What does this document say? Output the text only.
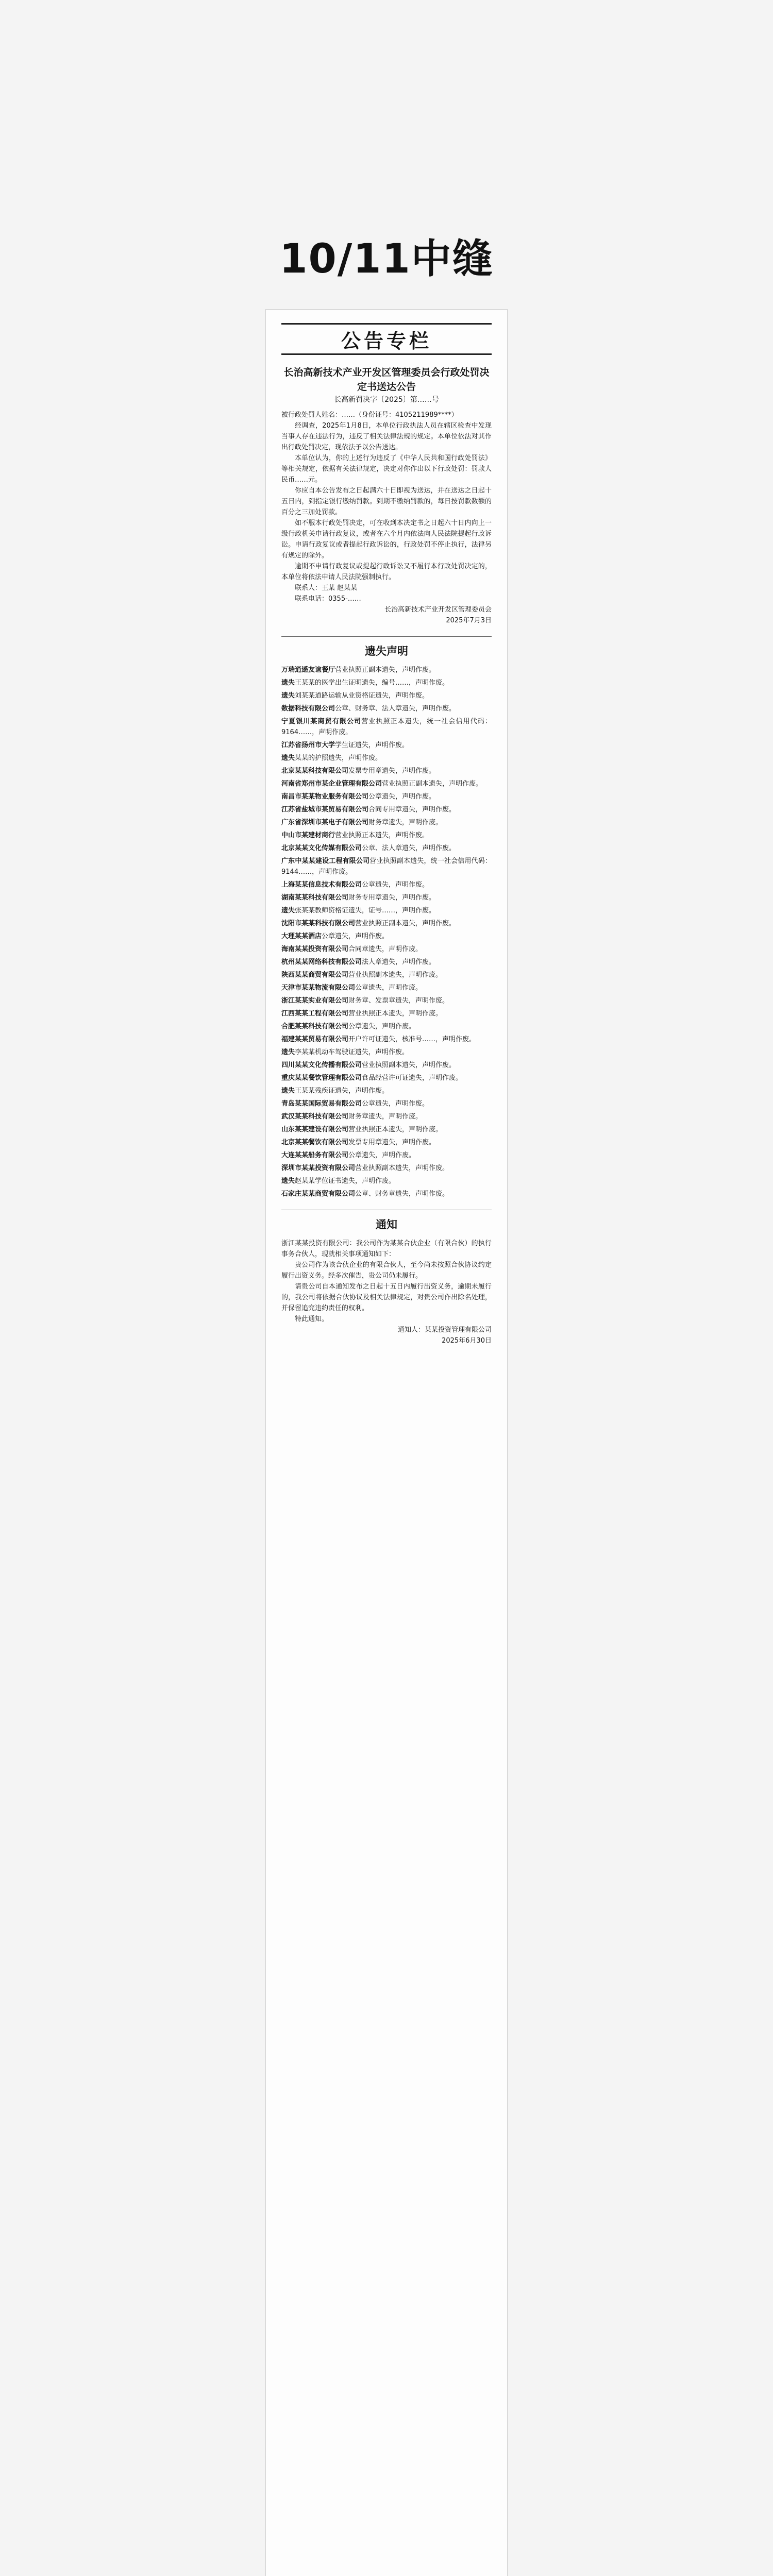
10/11中缝
公告专栏
长治高新技术产业开发区管理委员会行政处罚决定书送达公告
长高新罚决字〔2025〕第……号

被行政处罚人姓名：……（身份证号：4105211989****）

经调查，2025年1月8日，本单位行政执法人员在辖区检查中发现当事人存在违法行为，违反了相关法律法规的规定。本单位依法对其作出行政处罚决定，现依法予以公告送达。

本单位认为，你的上述行为违反了《中华人民共和国行政处罚法》等相关规定，依据有关法律规定，决定对你作出以下行政处罚：罚款人民币……元。

你应自本公告发布之日起满六十日即视为送达，并在送达之日起十五日内，到指定银行缴纳罚款。到期不缴纳罚款的，每日按罚款数额的百分之三加处罚款。

如不服本行政处罚决定，可在收到本决定书之日起六十日内向上一级行政机关申请行政复议，或者在六个月内依法向人民法院提起行政诉讼。申请行政复议或者提起行政诉讼的，行政处罚不停止执行，法律另有规定的除外。

逾期不申请行政复议或提起行政诉讼又不履行本行政处罚决定的，本单位将依法申请人民法院强制执行。

联系人：王某 赵某某

联系电话：0355-……

长治高新技术产业开发区管理委员会

2025年7月3日

遗失声明

万瑞逍遥友谊餐厅营业执照正副本遗失，声明作废。

遗失王某某的医学出生证明遗失，编号……，声明作废。

遗失刘某某道路运输从业资格证遗失，声明作废。

数据科技有限公司公章、财务章、法人章遗失，声明作废。

宁夏银川某商贸有限公司营业执照正本遗失，统一社会信用代码：9164……，声明作废。

江苏省扬州市大学学生证遗失，声明作废。

遗失某某的护照遗失，声明作废。

北京某某科技有限公司发票专用章遗失，声明作废。

河南省郑州市某企业管理有限公司营业执照正副本遗失，声明作废。

南昌市某某物业服务有限公司公章遗失，声明作废。

江苏省盐城市某贸易有限公司合同专用章遗失，声明作废。

广东省深圳市某电子有限公司财务章遗失，声明作废。

中山市某建材商行营业执照正本遗失，声明作废。

北京某某文化传媒有限公司公章、法人章遗失，声明作废。

广东中某某建设工程有限公司营业执照副本遗失，统一社会信用代码：9144……，声明作废。

上海某某信息技术有限公司公章遗失，声明作废。

湖南某某科技有限公司财务专用章遗失，声明作废。

遗失张某某教师资格证遗失，证号……，声明作废。

沈阳市某某科技有限公司营业执照正副本遗失，声明作废。

大理某某酒店公章遗失，声明作废。

海南某某投资有限公司合同章遗失，声明作废。

杭州某某网络科技有限公司法人章遗失，声明作废。

陕西某某商贸有限公司营业执照副本遗失，声明作废。

天津市某某物流有限公司公章遗失，声明作废。

浙江某某实业有限公司财务章、发票章遗失，声明作废。

江西某某工程有限公司营业执照正本遗失，声明作废。

合肥某某科技有限公司公章遗失，声明作废。

福建某某贸易有限公司开户许可证遗失，核准号……，声明作废。

遗失李某某机动车驾驶证遗失，声明作废。

四川某某文化传播有限公司营业执照副本遗失，声明作废。

重庆某某餐饮管理有限公司食品经营许可证遗失，声明作废。

遗失王某某残疾证遗失，声明作废。

青岛某某国际贸易有限公司公章遗失，声明作废。

武汉某某科技有限公司财务章遗失，声明作废。

山东某某建设有限公司营业执照正本遗失，声明作废。

北京某某餐饮有限公司发票专用章遗失，声明作废。

大连某某船务有限公司公章遗失，声明作废。

深圳市某某投资有限公司营业执照副本遗失，声明作废。

遗失赵某某学位证书遗失，声明作废。

石家庄某某商贸有限公司公章、财务章遗失，声明作废。

通知

浙江某某投资有限公司：我公司作为某某合伙企业（有限合伙）的执行事务合伙人，现就相关事项通知如下：

贵公司作为该合伙企业的有限合伙人，至今尚未按照合伙协议约定履行出资义务。经多次催告，贵公司仍未履行。

请贵公司自本通知发布之日起十五日内履行出资义务，逾期未履行的，我公司将依据合伙协议及相关法律规定，对贵公司作出除名处理，并保留追究违约责任的权利。

特此通知。

通知人：某某投资管理有限公司

2025年6月30日
